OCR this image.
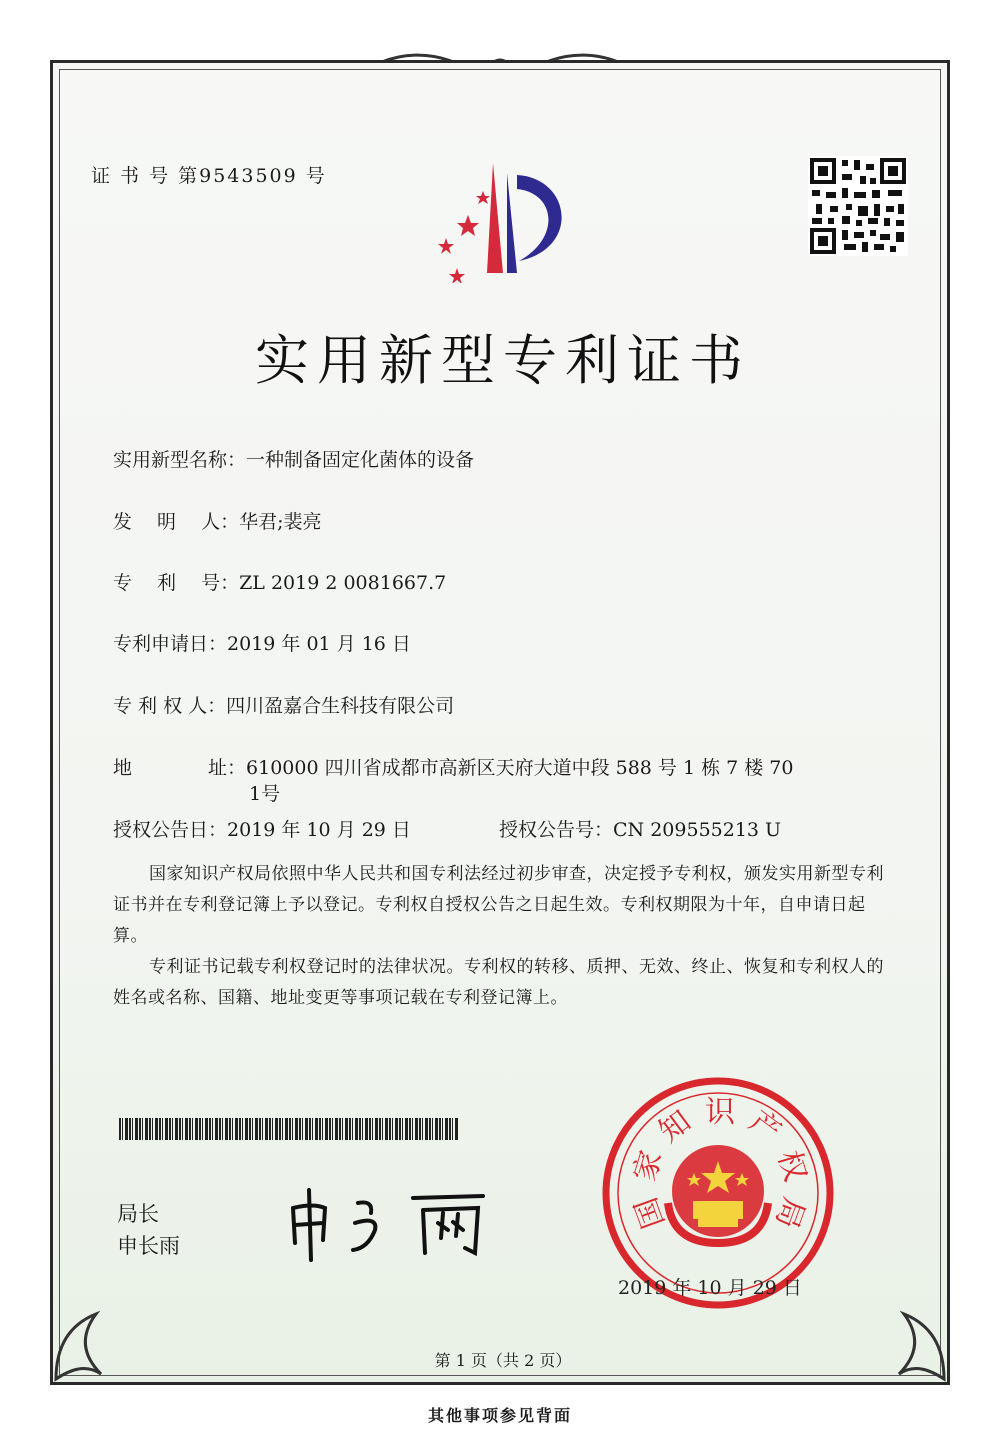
证 书 号 第9543509 号
实用新型专利证书
实用新型名称：一种制备固定化菌体的设备
发　 明　 人：华君;裴亮
专　 利　 号：ZL 2019 2 0081667.7
专利申请日：2019 年 01 月 16 日
专 利 权 人：四川盈嘉合生科技有限公司
地　　　　址：610000 四川省成都市高新区天府大道中段 588 号 1 栋 7 楼 70
1号
授权公告日：2019 年 10 月 29 日	授权公告号：CN 209555213 U
国家知识产权局依照中华人民共和国专利法经过初步审查，决定授予专利权，颁发实用新型专利证书并在专利登记簿上予以登记。专利权自授权公告之日起生效。专利权期限为十年，自申请日起算。
专利证书记载专利权登记时的法律状况。专利权的转移、质押、无效、终止、恢复和专利权人的姓名或名称、国籍、地址变更等事项记载在专利登记簿上。
局长
申长雨
国
家
知 识 产
权
局
2019 年 10 月 29 日
第 1 页（共 2 页）
其他事项参见背面
